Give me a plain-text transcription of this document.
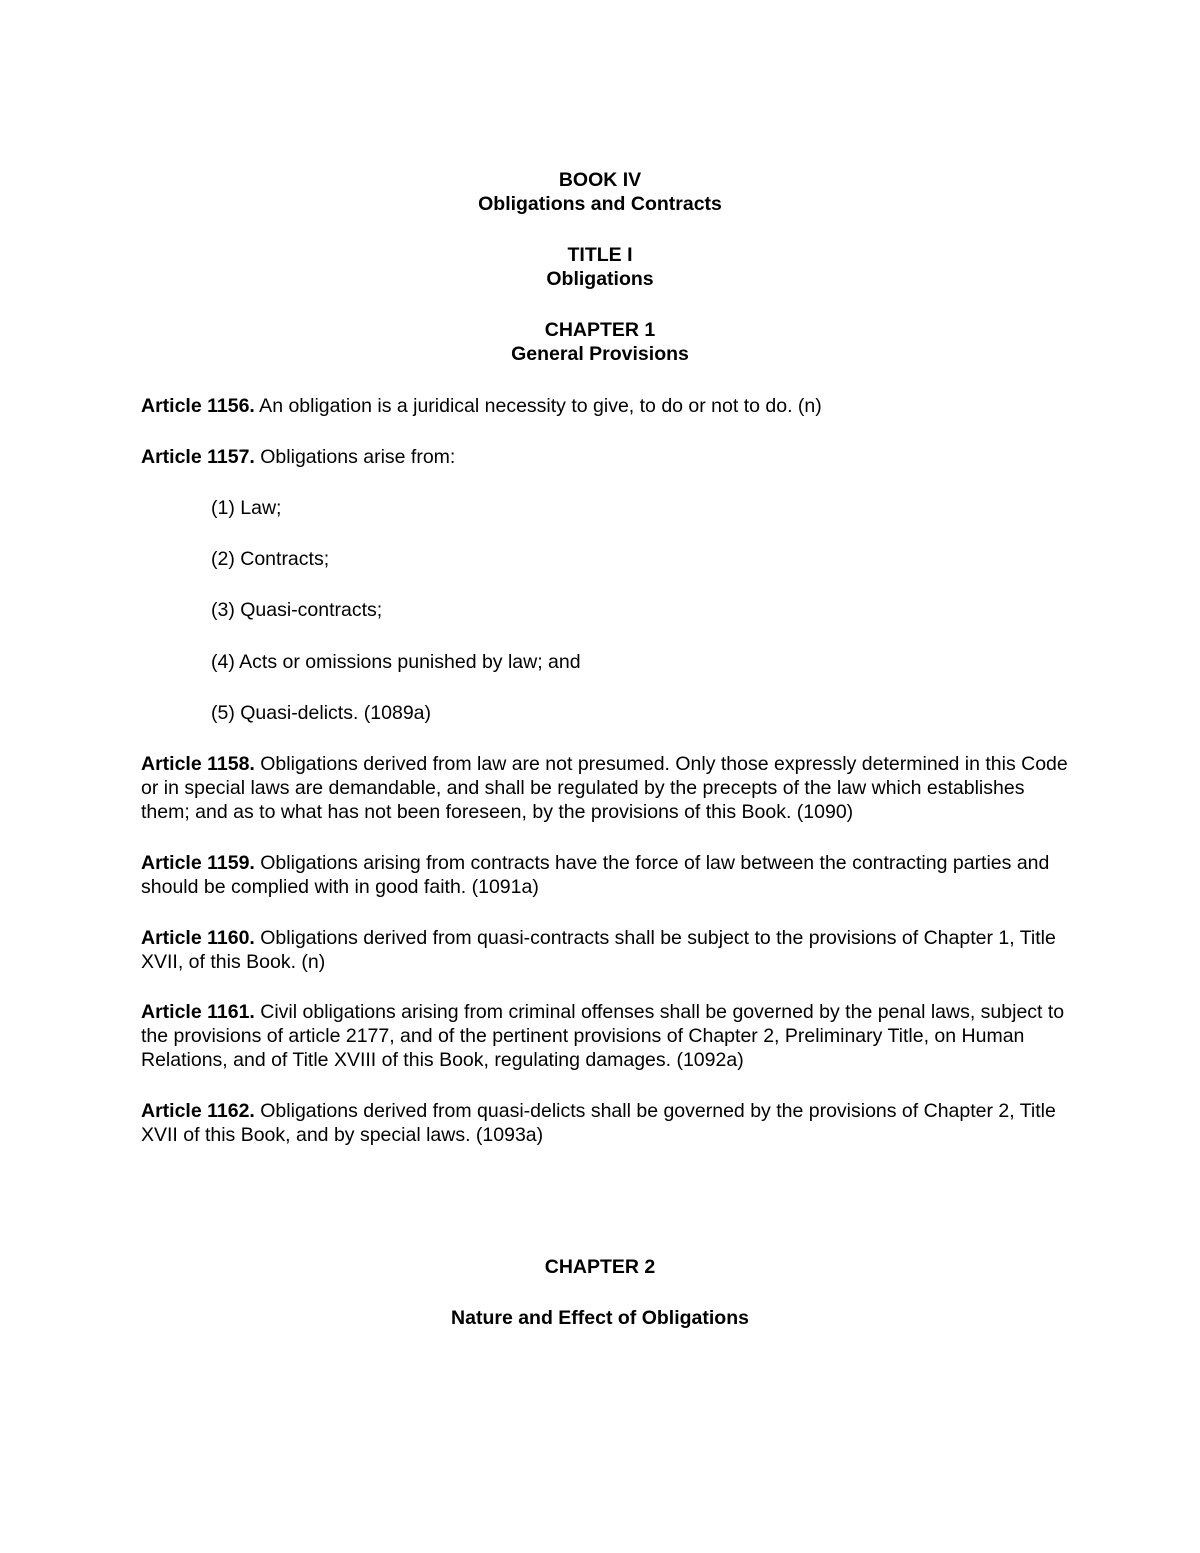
BOOK IV
Obligations and Contracts
TITLE I
Obligations
CHAPTER 1
General Provisions
Article 1156. An obligation is a juridical necessity to give, to do or not to do. (n)
Article 1157. Obligations arise from:
(1) Law;
(2) Contracts;
(3) Quasi-contracts;
(4) Acts or omissions punished by law; and
(5) Quasi-delicts. (1089a)
Article 1158. Obligations derived from law are not presumed. Only those expressly determined in this Code or in special laws are demandable, and shall be regulated by the precepts of the law which establishes them; and as to what has not been foreseen, by the provisions of this Book. (1090)
Article 1159. Obligations arising from contracts have the force of law between the contracting parties and should be complied with in good faith. (1091a)
Article 1160. Obligations derived from quasi-contracts shall be subject to the provisions of Chapter 1, Title XVII, of this Book. (n)
Article 1161. Civil obligations arising from criminal offenses shall be governed by the penal laws, subject to the provisions of article 2177, and of the pertinent provisions of Chapter 2, Preliminary Title, on Human Relations, and of Title XVIII of this Book, regulating damages. (1092a)
Article 1162. Obligations derived from quasi-delicts shall be governed by the provisions of Chapter 2, Title XVII of this Book, and by special laws. (1093a)
CHAPTER 2
Nature and Effect of Obligations
